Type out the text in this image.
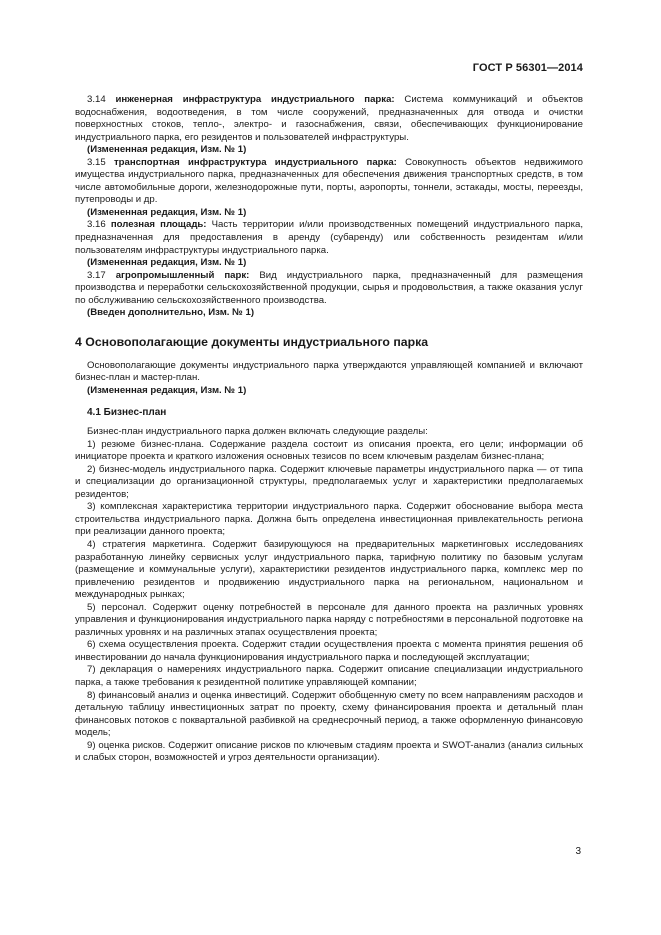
ГОСТ Р 56301—2014

3.14 инженерная инфраструктура индустриального парка: Система коммуникаций и объектов водоснабжения, водоотведения, в том числе сооружений, предназначенных для отвода и очистки поверхностных стоков, тепло-, электро- и газоснабжения, связи, обеспечивающих функционирование индустриального парка, его резидентов и пользователей инфраструктуры.

(Измененная редакция, Изм. № 1)

3.15 транспортная инфраструктура индустриального парка: Совокупность объектов недвижимого имущества индустриального парка, предназначенных для обеспечения движения транспортных средств, в том числе автомобильные дороги, железнодорожные пути, порты, аэропорты, тоннели, эстакады, мосты, переезды, путепроводы и др.

(Измененная редакция, Изм. № 1)

3.16 полезная площадь: Часть территории и/или производственных помещений индустриального парка, предназначенная для предоставления в аренду (субаренду) или собственность резидентам и/или пользователям инфраструктуры индустриального парка.

(Измененная редакция, Изм. № 1)

3.17 агропромышленный парк: Вид индустриального парка, предназначенный для размещения производства и переработки сельскохозяйственной продукции, сырья и продовольствия, а также оказания услуг по обслуживанию сельскохозяйственного производства.

(Введен дополнительно, Изм. № 1)

4 Основополагающие документы индустриального парка

Основополагающие документы индустриального парка утверждаются управляющей компанией и включают бизнес-план и мастер-план.

(Измененная редакция, Изм. № 1)

4.1 Бизнес-план

Бизнес-план индустриального парка должен включать следующие разделы:

1) резюме бизнес-плана. Содержание раздела состоит из описания проекта, его цели; информации об инициаторе проекта и краткого изложения основных тезисов по всем ключевым разделам бизнес-плана;

2) бизнес-модель индустриального парка. Содержит ключевые параметры индустриального парка — от типа и специализации до организационной структуры, предполагаемых услуг и характеристики предполагаемых резидентов;

3) комплексная характеристика территории индустриального парка. Содержит обоснование выбора места строительства индустриального парка. Должна быть определена инвестиционная привлекательность региона при реализации данного проекта;

4) стратегия маркетинга. Содержит базирующуюся на предварительных маркетинговых исследованиях разработанную линейку сервисных услуг индустриального парка, тарифную политику по базовым услугам (размещение и коммунальные услуги), характеристики резидентов индустриального парка, комплекс мер по привлечению резидентов и продвижению индустриального парка на региональном, национальном и международных рынках;

5) персонал. Содержит оценку потребностей в персонале для данного проекта на различных уровнях управления и функционирования индустриального парка наряду с потребностями в персональной подготовке на различных уровнях и на различных этапах осуществления проекта;

6) схема осуществления проекта. Содержит стадии осуществления проекта с момента принятия решения об инвестировании до начала функционирования индустриального парка и последующей эксплуатации;

7) декларация о намерениях индустриального парка. Содержит описание специализации индустриального парка, а также требования к резидентной политике управляющей компании;

8) финансовый анализ и оценка инвестиций. Содержит обобщенную смету по всем направлениям расходов и детальную таблицу инвестиционных затрат по проекту, схему финансирования проекта и детальный план финансовых потоков с поквартальной разбивкой на среднесрочный период, а также оформленную финансовую модель;

9) оценка рисков. Содержит описание рисков по ключевым стадиям проекта и SWOT-анализ (анализ сильных и слабых сторон, возможностей и угроз деятельности организации).

3
